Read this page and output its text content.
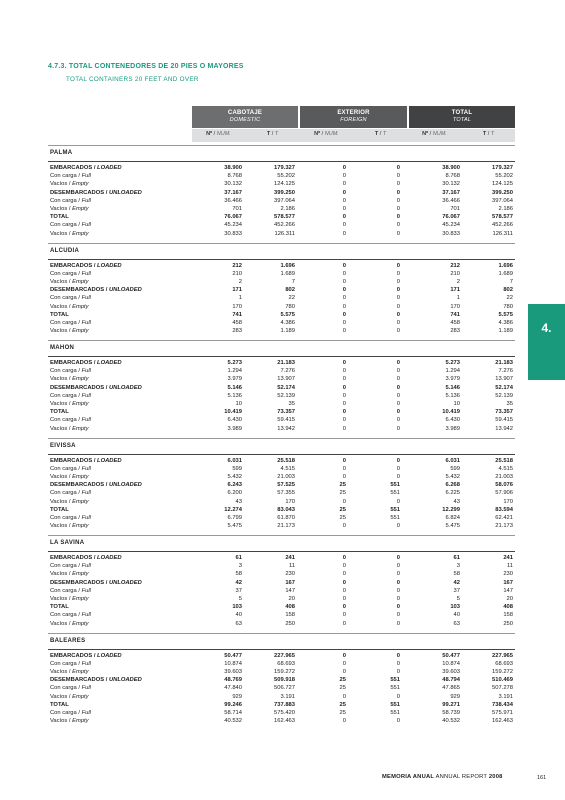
4.7.3. TOTAL CONTENEDORES DE 20 PIES O MAYORES
TOTAL CONTAINERS 20 FEET AND OVER
CABOTAJE
DOMESTIC
EXTERIOR
FOREIGN
TOTAL
TOTAL
Nº / NUM.	T / T	Nº / NUM.	T / T	Nº / NUM.	T / T
PALMA
EMBARCADOS / LOADED	38.900	179.327	0	0	38.900	179.327
Con carga / Full	8.768	55.202	0	0	8.768	55.202
Vacíos / Empty	30.132	124.125	0	0	30.132	124.125
DESEMBARCADOS / UNLOADED	37.167	399.250	0	0	37.167	399.250
Con carga / Full	36.466	397.064	0	0	36.466	397.064
Vacíos / Empty	701	2.186	0	0	701	2.186
TOTAL	76.067	578.577	0	0	76.067	578.577
Con carga / Full	45.234	452.266	0	0	45.234	452.266
Vacíos / Empty	30.833	126.311	0	0	30.833	126.311
ALCUDIA
EMBARCADOS / LOADED	212	1.696	0	0	212	1.696
Con carga / Full	210	1.689	0	0	210	1.689
Vacíos / Empty	2	7	0	0	2	7
DESEMBARCADOS / UNLOADED	171	802	0	0	171	802
Con carga / Full	1	22	0	0	1	22
Vacíos / Empty	170	780	0	0	170	780
TOTAL	741	5.575	0	0	741	5.575
Con carga / Full	458	4.386	0	0	458	4.386
Vacíos / Empty	283	1.189	0	0	283	1.189
MAHON
EMBARCADOS / LOADED	5.273	21.183	0	0	5.273	21.183
Con carga / Full	1.294	7.276	0	0	1.294	7.276
Vacíos / Empty	3.979	13.907	0	0	3.979	13.907
DESEMBARCADOS / UNLOADED	5.146	52.174	0	0	5.146	52.174
Con carga / Full	5.136	52.139	0	0	5.136	52.139
Vacíos / Empty	10	35	0	0	10	35
TOTAL	10.419	73.357	0	0	10.419	73.357
Con carga / Full	6.430	59.415	0	0	6.430	59.415
Vacíos / Empty	3.989	13.942	0	0	3.989	13.942
EIVISSA
EMBARCADOS / LOADED	6.031	25.518	0	0	6.031	25.518
Con carga / Full	599	4.515	0	0	599	4.515
Vacíos / Empty	5.432	21.003	0	0	5.432	21.003
DESEMBARCADOS / UNLOADED	6.243	57.525	25	551	6.268	58.076
Con carga / Full	6.200	57.355	25	551	6.225	57.906
Vacíos / Empty	43	170	0	0	43	170
TOTAL	12.274	83.043	25	551	12.299	83.594
Con carga / Full	6.799	61.870	25	551	6.824	62.421
Vacíos / Empty	5.475	21.173	0	0	5.475	21.173
LA SAVINA
EMBARCADOS / LOADED	61	241	0	0	61	241
Con carga / Full	3	11	0	0	3	11
Vacíos / Empty	58	230	0	0	58	230
DESEMBARCADOS / UNLOADED	42	167	0	0	42	167
Con carga / Full	37	147	0	0	37	147
Vacíos / Empty	5	20	0	0	5	20
TOTAL	103	408	0	0	103	408
Con carga / Full	40	158	0	0	40	158
Vacíos / Empty	63	250	0	0	63	250
BALEARES
EMBARCADOS / LOADED	50.477	227.965	0	0	50.477	227.965
Con carga / Full	10.874	68.693	0	0	10.874	68.693
Vacíos / Empty	39.603	159.272	0	0	39.603	159.272
DESEMBARCADOS / UNLOADED	48.769	509.918	25	551	48.794	510.469
Con carga / Full	47.840	506.727	25	551	47.865	507.278
Vacíos / Empty	929	3.191	0	0	929	3.191
TOTAL	99.246	737.883	25	551	99.271	738.434
Con carga / Full	58.714	575.420	25	551	58.739	575.971
Vacíos / Empty	40.532	162.463	0	0	40.532	162.463
4.
MEMORIA ANUAL ANNUAL REPORT 2008	161
